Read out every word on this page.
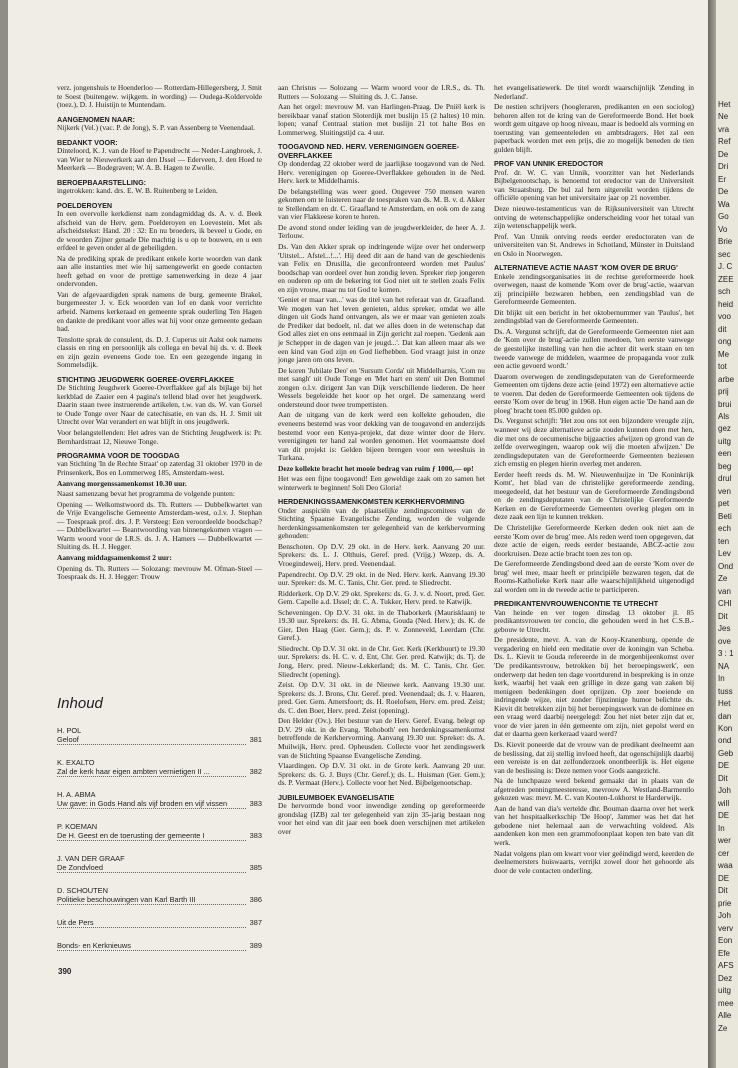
verz. jongenshuis te Hoenderloo — Rotterdam-Hillegersberg, J. Smit te Soest (buitengew. wijkgem. in wording) — Oudega-Koldervolde (toez.), D. J. Huistijn te Muntendam.

AANGENOMEN NAAR:

Nijkerk (Vel.) (vac. P. de Jong), S. P. van Assenberg te Veenendaal.

BEDANKT VOOR:

Dinteloord, K. J. van de Hoef te Papendrecht — Neder-Langbroek, J. van Wier te Nieuwerkerk aan den IJssel — Ederveen, J. den Hoed te Meerkerk — Bodegraven; W. A. B. Hagen te Zwolle.

BEROEPBAARSTELLING:

ingetrokken: kand. drs. E. W. B. Ruitenberg te Leiden.

POELDEROYEN

In een overvolle kerkdienst nam zondagmiddag ds. A. v. d. Beek afscheid van de Herv. gem. Poelderoyen en Loevestein. Met als afscheidstekst: Hand. 20 : 32: En nu broeders, ik beveel u Gode, en de woorden Zijner genade Die machtig is u op te bouwen, en u een erfdeel te geven onder al de geheiligden.

Na de prediking sprak de predikant enkele korte woorden van dank aan alle instanties met wie hij samengewerkt en goede contacten heeft gehad en voor de prettige samenwerking in deze 4 jaar ondervonden.

Van de afgevaardigden sprak namens de burg. gemeente Brakel, burgemeester J. v. Eck woorden van lof en dank voor verrichte arbeid. Namens kerkeraad en gemeente sprak ouderling Ten Hagen en dankte de predikant voor alles wat hij voor onze gemeente gedaan had.

Tenslotte sprak de consulent, ds. D. J. Cuperus uit Aalst ook namens classis en ring en persoonlijk als collega en beval hij ds. v. d. Beek en zijn gezin eveneens Gode toe. En een gezegende ingang in Sommelsdijk.

STICHTING JEUGDWERK GOEREE-OVERFLAKKEE

De Stichting Jeugdwerk Goeree-Overflakkee gaf als bijlage bij het kerkblad de Zaaier een 4 pagina's tellend blad over het jeugdwerk. Daarin staan twee instruerende artikelen, t.w. van ds. W. van Gorsel te Oude Tonge over Naar de catechisatie, en van ds. H. J. Smit uit Utrecht over Wat verandert en wat blijft in ons jeugdwerk.

Voor belangstellenden: Het adres van de Stichting Jeugdwerk is: Pr. Bernhardstraat 12, Nieuwe Tonge.

PROGRAMMA VOOR DE TOOGDAG

van Stichting 'In de Rechte Straat' op zaterdag 31 oktober 1970 in de Prinsenkerk, Bos en Lommerweg 185, Amsterdam-west.

Aanvang morgenssamenkomst 10.30 uur.

Naast samenzang bevat het programma de volgende punten:

Opening — Welkomstwoord ds. Th. Rutters — Dubbelkwartet van de Vrije Evangelische Gemeente Amsterdam-west, o.l.v. J. Stephan — Toespraak prof. drs. J. P. Versteeg: Een veroordeelde boodschap? — Dubbelkwartet — Beantwoording van binnengekomen vragen — Warm woord voor de I.R.S. ds. J. A. Hamers — Dubbelkwartet — Sluiting ds. H. J. Hegger.

Aanvang middagsamenkomst 2 uur:

Opening ds. Th. Rutters — Solozang: mevrouw M. Ofman-Steel — Toespraak ds. H. J. Hegger: Trouw

aan Christus — Solozang — Warm woord voor de I.R.S., ds. Th. Rutters — Solozang — Sluiting ds. J. C. Janse.

Aan het orgel: mevrouw M. van Harlingen-Praag. De Pniël kerk is bereikbaar vanaf station Sloterdijk met buslijn 15 (2 haltes) 10 min. lopen; vanaf Centraal station met buslijn 21 tot halte Bos en Lommerweg. Sluitingstijd ca. 4 uur.

TOOGAVOND NED. HERV. VERENIGINGEN GOEREE-OVERFLAKKEE

Op donderdag 22 oktober werd de jaarlijkse toogavond van de Ned. Herv. verenigingen op Goeree-Overflakkee gehouden in de Ned. Herv. kerk te Middelharnis.

De belangstelling was weer goed. Ongeveer 750 mensen waren gekomen om te luisteren naar de toespraken van ds. M. B. v. d. Akker te Stellendam en dr. C. Graafland te Amsterdam, en ook om de zang van vier Flakkeese koren te horen.

De avond stond onder leiding van de jeugdwerkleider, de heer A. J. Terlouw.

Ds. Van den Akker sprak op indringende wijze over het onderwerp 'Uitstel... Afstel...!...'. Hij deed dit aan de hand van de geschiedenis van Felix en Drusilla, die geconfronteerd worden met Paulus' boodschap van oordeel over hun zondig leven. Spreker riep jongeren en ouderen op om de bekering tot God niet uit te stellen zoals Felix en zijn vrouw, maar nu tot God te komen.

'Geniet er maar van...' was de titel van het referaat van dr. Graafland. We mogen van het leven genieten, aldus spreker, omdat we alle dingen uit Gods hand ontvangen, als we er maar van genieten zoals de Prediker dat bedoelt, nl. dat we alles doen in de wetenschap dat God alles ziet en ons eenmaal in Zijn gericht zal roepen. 'Gedenk aan je Schepper in de dagen van je jeugd...'. Dat kan alleen maar als we een kind van God zijn en God liefhebben. God vraagt juist in onze jonge jaren om ons leven.

De koren 'Jubilate Deo' en 'Sursum Corda' uit Middelharnis, 'Com nu met sangh' uit Oude Tonge en 'Met hart en stem' uit Den Bommel zongen o.l.v. dirigent Jan van Dijk verschillende liederen. De heer Wessels begeleidde het koor op het orgel. De samenzang werd ondersteund door twee trompettisten.

Aan de uitgang van de kerk werd een kollekte gehouden, die eveneens bestemd was voor dekking van de toogavond en anderzijds bestemd voor een Kenya-projekt, dat deze winter door de Herv. verenigingen ter hand zal worden genomen. Het voornaamste doel van dit projekt is: Gelden bijeen brengen voor een weeshuis in Turkana.

Deze kollekte bracht het mooie bedrag van ruim ƒ 1000,— op!

Het was een fijne toogavond! Een geweldige zaak om zo samen het winterwerk te beginnen! Soli Deo Gloria!

HERDENKINGSSAMENKOMSTEN KERKHERVORMING

Onder auspiciën van de plaatselijke zendingscomitees van de Stichting Spaanse Evangelische Zending, worden de volgende herdenkingssamenkomsten ter gelegenheid van de kerkhervorming gehouden:

Benschoten. Op D.V. 29 okt. in de Herv. kerk. Aanvang 20 uur. Sprekers: ds. L. J. Olthuis, Geref. pred. (Vrijg.) Wezep, ds. A. Vroegindeweij, Herv. pred. Veenendaal.

Papendrecht. Op D.V. 29 okt. in de Ned. Herv. kerk. Aanvang 19.30 uur. Spreker: ds. M. C. Tanis, Chr. Ger. pred. te Sliedrecht.

Ridderkerk. Op D.V. 29 okt. Sprekers: ds. G. J. v. d. Noort, pred. Ger. Gem. Capelle a.d. IJssel; dr. C. A. Tukker, Herv. pred. te Katwijk.

Scheveningen. Op D.V. 31 okt. in de Thaborkerk (Maurisklaan) te 19.30 uur. Sprekers: ds. H. G. Abma, Gouda (Ned. Herv.); ds. K. de Gier, Den Haag (Ger. Gem.); ds. P. v. Zonneveld, Leerdam (Chr. Geref.).

Sliedrecht. Op D.V. 31 okt. in de Chr. Ger. Kerk (Kerkbuurt) te 19.30 uur. Sprekers: ds. H. C. v. d. Ent, Chr. Ger. pred. Katwijk; ds. Tj. de Jong, Herv. pred. Nieuw-Lekkerland; ds. M. C. Tanis, Chr. Ger. Sliedrecht (opening).

Zeist. Op D.V. 31 okt. in de Nieuwe kerk. Aanvang 19.30 uur. Sprekers: ds. J. Brons, Chr. Geref. pred. Veenendaal; ds. J. v. Haaren, pred. Ger. Gem. Amersfoort; ds. H. Roelofsen, Herv. em. pred. Zeist; ds. C. den Boer, Herv. pred. Zeist (opening).

Den Helder (Ov.). Het bestuur van de Herv. Geref. Evang. belegt op D.V. 29 okt. in de Evang. 'Rehoboth' een herdenkingssamenkomst betreffende de Kerkhervorming. Aanvang 19.30 uur. Spreker: ds. A. Muilwijk, Herv. pred. Opheusden. Collecte voor het zendingswerk van de Stichting Spaanse Evangelische Zending.

Vlaardingen. Op D.V. 31 okt. in de Grote kerk. Aanvang 20 uur. Sprekers: ds. G. J. Buys (Chr. Geref.); ds. L. Huisman (Ger. Gem.); ds. P. Vermaat (Herv.). Collecte voor het Ned. Bijbelgenootschap.

JUBILEUMBOEK EVANGELISATIE

De hervormde bond voor inwendige zending op gereformeerde grondslag (IZB) zal ter gelegenheid van zijn 35-jarig bestaan nog voor het eind van dit jaar een boek doen verschijnen met artikelen over

het evangelisatiewerk. De titel wordt waarschijnlijk 'Zending in Nederland'.

De nestien schrijvers (hoogleraren, predikanten en een sociolog) behoren allen tot de kring van de Gereformeerde Bond. Het boek wordt gem uitgave op hoog niveau, maar is bedoeld als vorming en toerusting van gemeenteleden en ambtsdragers. Het zal een paperback worden met een prijs, die zo mogelijk beneden de tien gulden blijft.

PROF VAN UNNIK EREDOCTOR

Prof. dr. W. C. van Unnik, voorzitter van het Nederlands Bijbelgenootschap, is benoemd tot eredoctor van de Universiteit van Straatsburg. De bul zal hem uitgereikt worden tijdens de officiële opening van het universitaire jaar op 21 november.

Deze nieuwe-testamenticus van de Rijksuniversiteit van Utrecht ontving de wetenschappelijke onderscheiding voor het totaal van zijn wetenschappelijk werk.

Prof. Van Unnik ontving reeds eerder eredoctoraten van de universiteiten van St. Andrews in Schotland, Münster in Duitsland en Oslo in Noorwegen.

ALTERNATIEVE ACTIE NAAST 'KOM OVER DE BRUG'

Enkele zendingsorganisaties in de rechtse gereformeerde hoek overwegen, naast de komende 'Kom over de brug'-actie, waarvan zij principiële bezwaren hebben, een zendingsblad van de Gereformeerde Gemeenten.

Dit blijkt uit een bericht in het oktobernummer van 'Paulus', het zendingsblad van de Gereformeerde Gemeenten.

Ds. A. Vergunst schrijft, dat de Gereformeerde Gemeenten niet aan de 'Kom over de brug'-actie zullen meedoen, 'ten eerste vanwege de geestelijke instelling van hen die achter dit werk staan en ten tweede vanwege de middelen, waarmee de propaganda voor zulk een actie gevoerd wordt.'

Daarom overwegen de zendingsdeputaten van de Gereformeerde Gemeenten om tijdens deze actie (eind 1972) een alternatieve actie te voeren. Dat deden de Gereformeerde Gemeenten ook tijdens de eerste 'Kom over de brug' in 1968. Hun eigen actie 'De hand aan de ploeg' bracht toen 85.000 gulden op.

Ds. Vergunst schrijft: 'Het zou ons tot een bijzondere vreugde zijn, wanneer wij deze alternatieve actie zouden kunnen doen met hen, die met ons de oecumenische bijgaacties afwijzen op grond van de zelfde overwegingen, waarop ook wij die moeten afwijzen.' De zendingsdeputaten van de Gereformeerde Gemeenten beziенen zich ernstig en plegen hierin overleg met anderen.

Eerder heeft reeds ds. M. W. Nieuwenhuijze in 'De Koninkrijk Komt', het blad van de christelijke gereformeerde zending, meegedeeld, dat het bestuur van de Gereformeerde Zendingsbond en de zendingsdeputaten van de Christelijke Gereformeerde Kerken en de Gereformeerde Gemeenten overleg plegen om in deze zaak een lijn te kunnen trekken.

De Christelijke Gereformeerde Kerken deden ook niet aan de eerste 'Kom over de brug' mee. Als reden werd toen opgegeven, dat deze actie de eigen, reeds eerder bestaande, ABCZ-actie zou doorkruisen. Deze actie bracht toen zes ton op.

De Gereformeerde Zendingsbond deed aan de eerste 'Kom over de brug' wel mee, maar heeft er principiële bezwaren tegen, dat de Rooms-Katholieke Kerk naar alle waarschijnlijkheid uitgenodigd zal worden om in de tweede actie te participeren.

PREDIKANTENVROUWENCONTIE TE UTRECHT

Van heinde en ver togen dinsdag 13 oktober jl. 85 predikantsvrouwen ter concio, die gehouden werd in het C.S.B.-gebouw te Utrecht.

De presidente, mevr. A. van de Kooy-Kranenburg, opende de vergadering en hield een meditatie over de koningin van Scheba. Ds. L. Kievit te Gouda refereerde in de morgenbijeenkomst over 'De predikantsvrouw, betrokken bij het beroepingswerk', een onderwerp dat heden ten dage voortdurend in bespreking is in onze kerk, waarbij het vaak een grillige in deze gang van zaken bij menigeen bedenkingen doet oprijzen. Op zeer boeiende en indringende wijze, niet zonder fijnzinnige humor belichtte ds. Kievit dit betrekken zijn bij het beroepingswerk van de dominee en een vraag werd daarbij neergelegd: Zou het niet beter zijn dat er, voor de vier jaren in één gemeente om zijn, niet gepolst werd en dat er daarna geen kerkeraad vaard werd?

Ds. Kievit poneerde dat de vrouw van de predikant deelneemt aan de beslissing, dat zij stellig invloed heeft, dat ogenschijnlijk daarbij een vereiste is en dat zelfonderzoek onontbeerlijk is. Het eigene van de beslissing is: Deze nemen voor Gods aangezicht.

Na de lunchpauze werd bekend gemaakt dat in plaats van de afgetreden penningmeesteresse, mevrouw A. Westland-Barmentlo gekozen was: mevr. M. C. van Kooten-Lokhorst te Harderwijk.

Aan de hand van dia's vertelde dhr. Bouman daarna over het werk van het hospitaalkerkschip 'De Hoop', Jammer was het dat het gebodene niet helemaal aan de verwachting voldeed. Als aandenken kon men een grammofoonplaat kopen ten bate van dit werk.

Nadat volgens plan om kwart voor vier geëindigd werd, keerden de deelnemersters huiswaarts, verrijkt zowel door het gehoorde als door de vele contacten onderling.

Inhoud
H. POL
Geloof	381
K. EXALTO
Zal de kerk haar eigen ambten vernietigen II ...	382
H. A. ABMA
Uw gave: in Gods Hand als vijf broden en vijf vissen	383
P. KOEMAN
De H. Geest en de toerusting der gemeente I	383
J. VAN DER GRAAF
De Zondvloed	385
D. SCHOUTEN
Politieke beschouwingen van Karl Barth III	386
Uit de Pers	387
Bonds- en Kerknieuws	389
390
Het
Ne
vra
Ref
De
Dri
Er
De
Wa
Go
Vo
Brie
sec
J. C
ZEE
sch
heid
voo
dit
ong
Me
tot
arbe
prij
brui
Als
gez
uitg
een
beg
drul
ven
pet
Beti
ech
ten
Lev
Ond
Ze
van
CHI
Dit
Jes
ove
3 : 1
NA
In
tuss
Het
dan
Kon
ond
Geb
DE
Dit
Joh
will
DE
In
wer
cer
waa
DE
Dit
prie
Joh
verv
Eon
Efe
AFS
Dez
uitg
mee
Alle
Ze
